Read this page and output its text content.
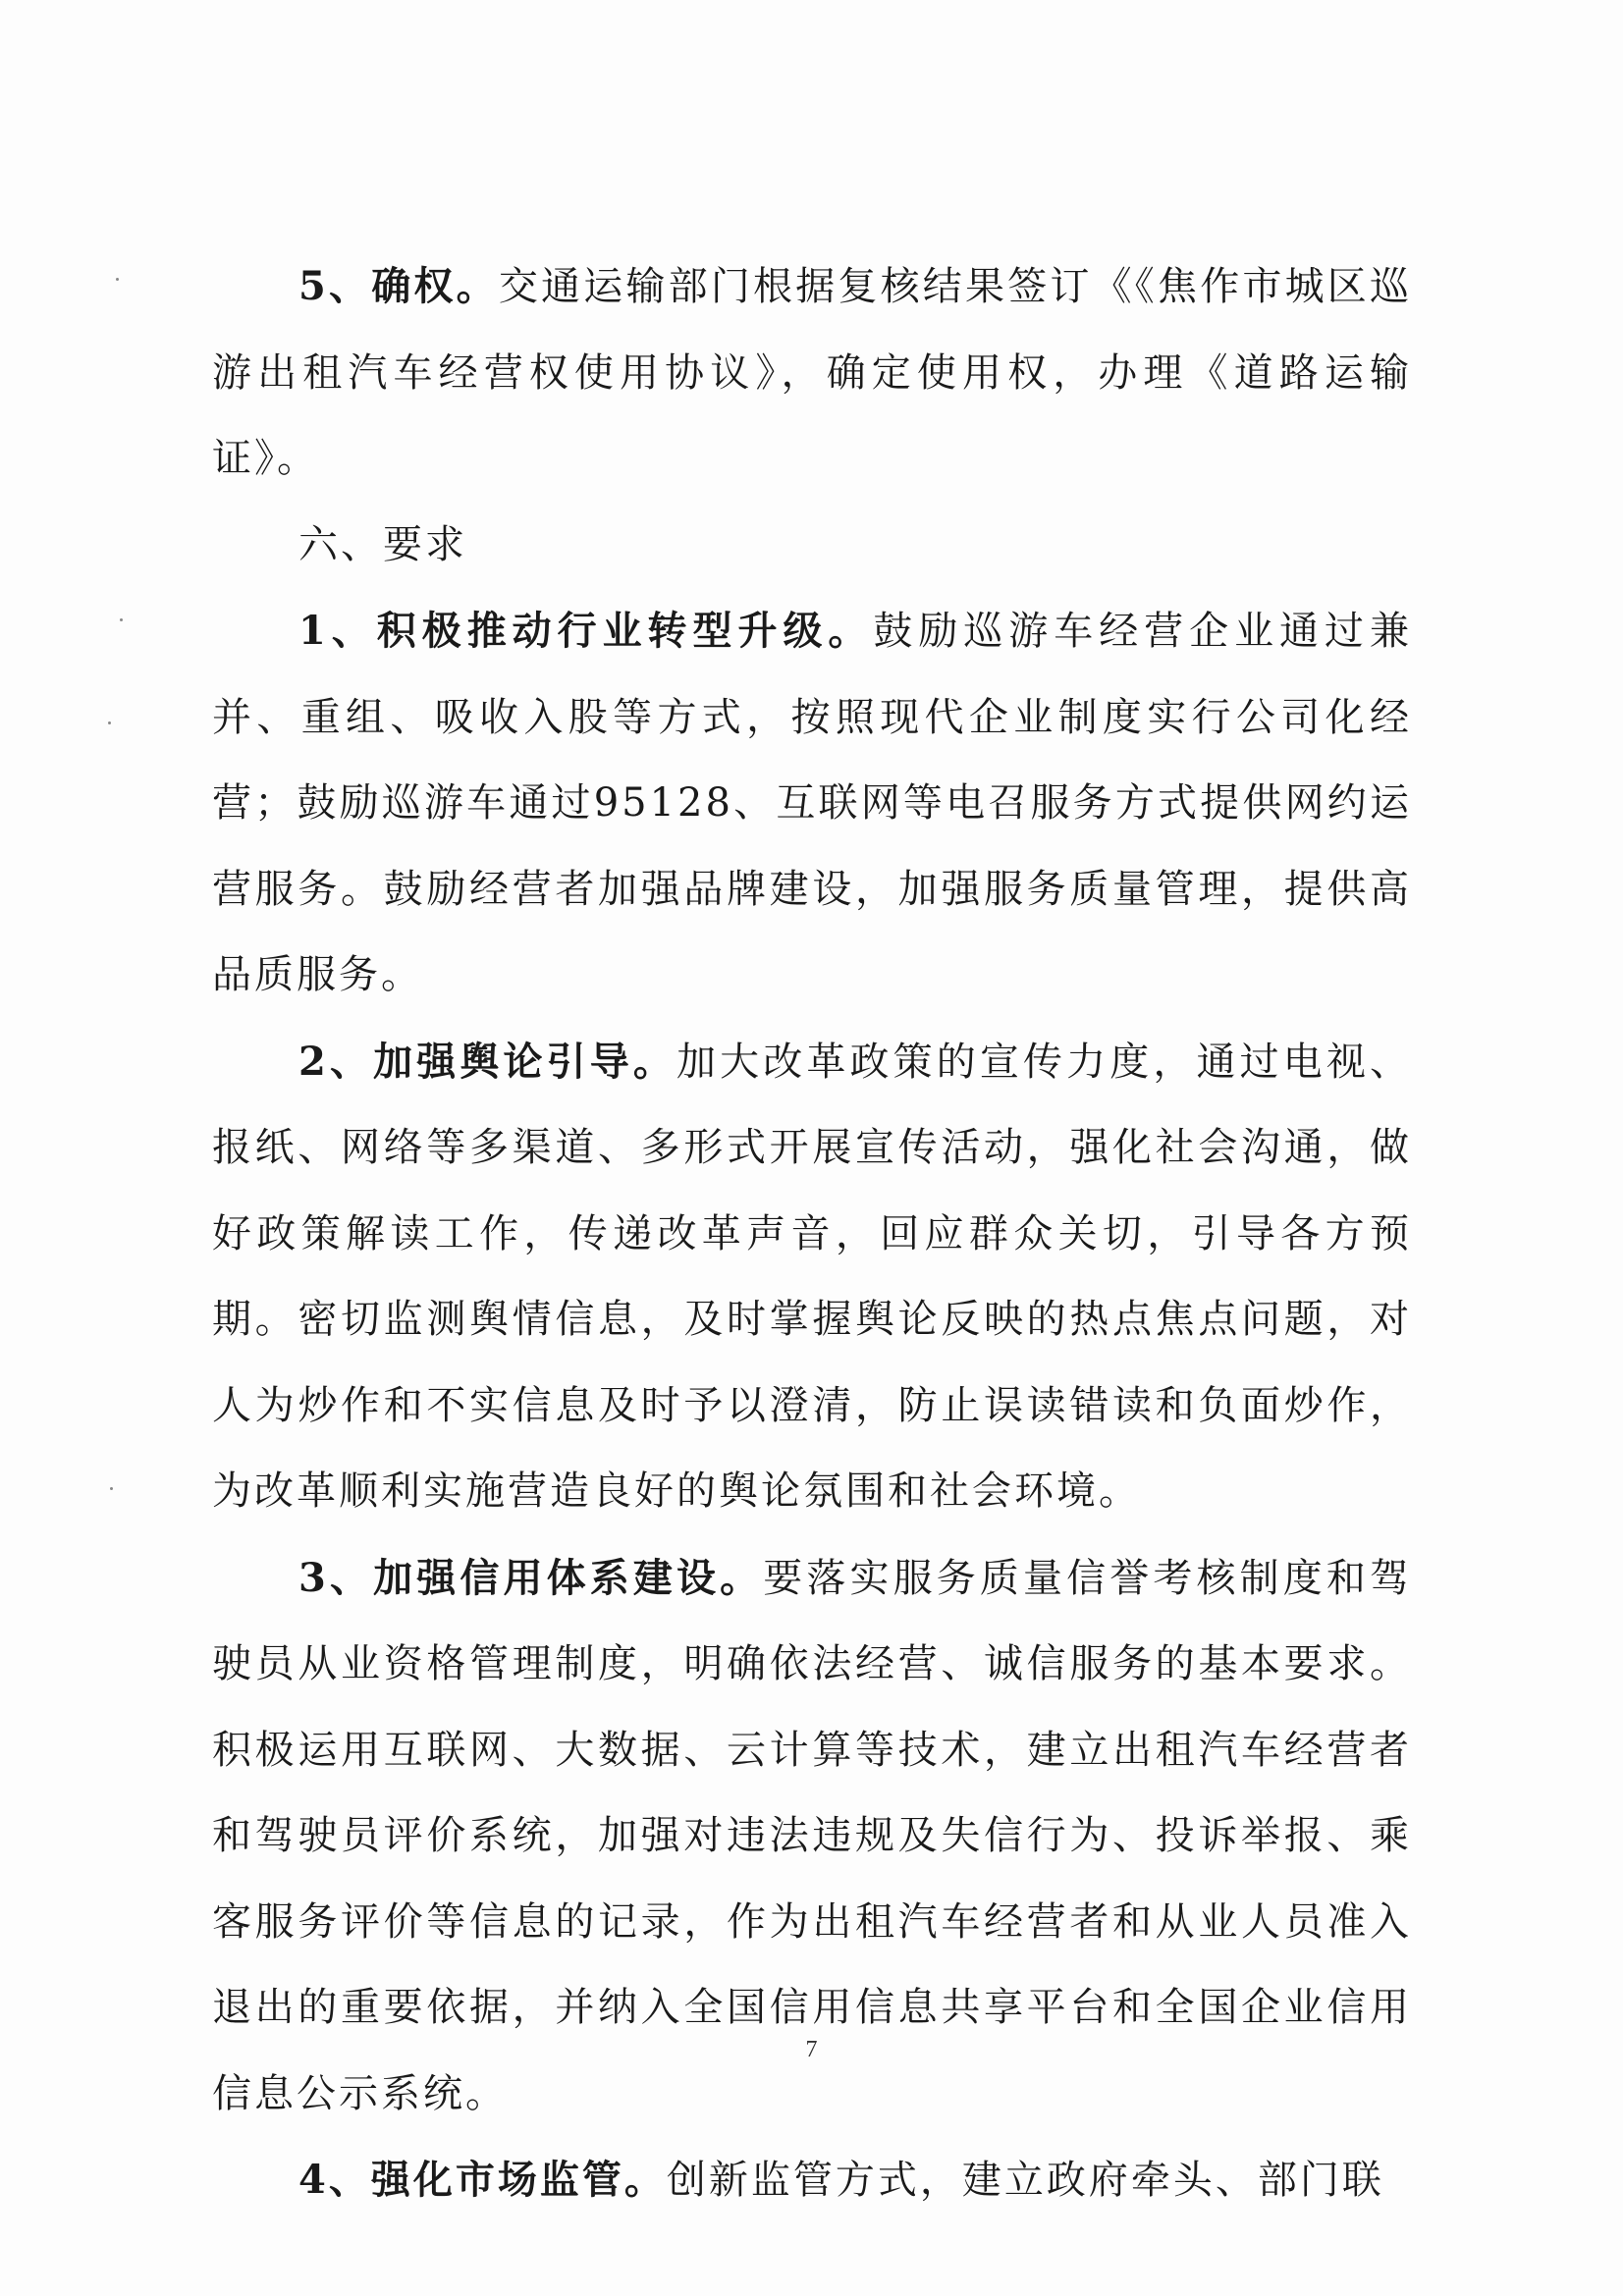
5、确权。交通运输部门根据复核结果签订《《焦作市城区巡游出租汽车经营权使用协议》，确定使用权，办理《道路运输证》。

六、要求

1、积极推动行业转型升级。鼓励巡游车经营企业通过兼并、重组、吸收入股等方式，按照现代企业制度实行公司化经营；鼓励巡游车通过95128、互联网等电召服务方式提供网约运营服务。鼓励经营者加强品牌建设，加强服务质量管理，提供高品质服务。

2、加强舆论引导。加大改革政策的宣传力度，通过电视、报纸、网络等多渠道、多形式开展宣传活动，强化社会沟通，做好政策解读工作，传递改革声音，回应群众关切，引导各方预期。密切监测舆情信息，及时掌握舆论反映的热点焦点问题，对人为炒作和不实信息及时予以澄清，防止误读错读和负面炒作，为改革顺利实施营造良好的舆论氛围和社会环境。

3、加强信用体系建设。要落实服务质量信誉考核制度和驾驶员从业资格管理制度，明确依法经营、诚信服务的基本要求。积极运用互联网、大数据、云计算等技术，建立出租汽车经营者和驾驶员评价系统，加强对违法违规及失信行为、投诉举报、乘客服务评价等信息的记录，作为出租汽车经营者和从业人员准入退出的重要依据，并纳入全国信用信息共享平台和全国企业信用信息公示系统。

4、强化市场监管。创新监管方式，建立政府牵头、部门联

7
